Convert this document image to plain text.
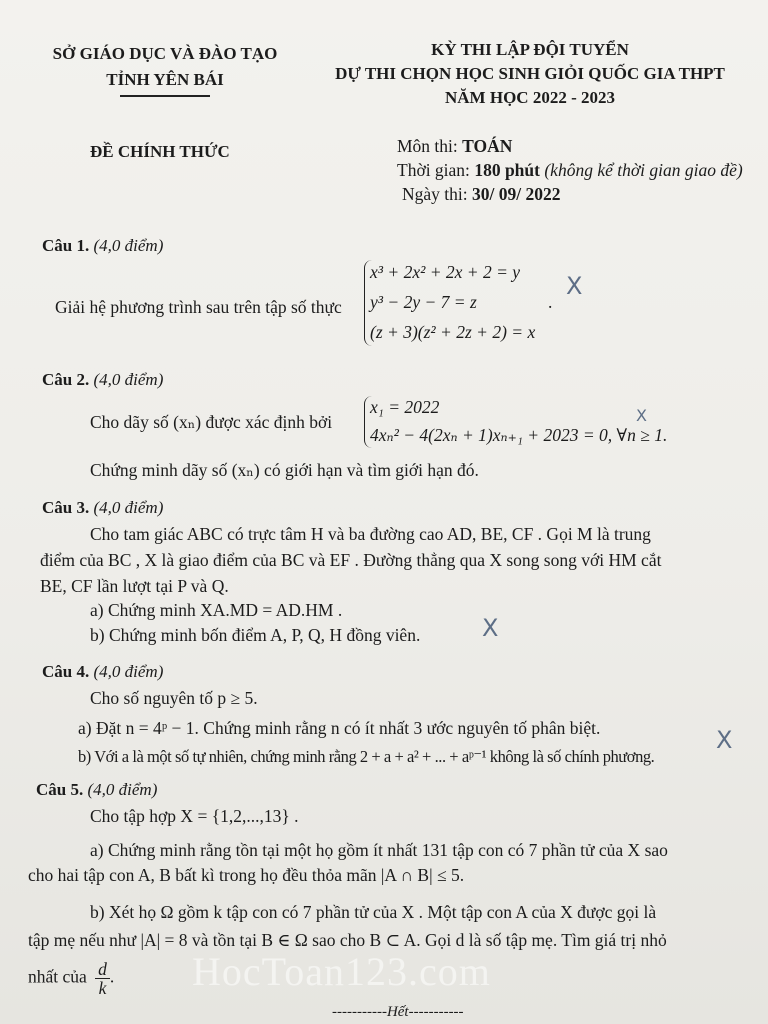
SỞ GIÁO DỤC VÀ ĐÀO TẠO
TỈNH YÊN BÁI
KỲ THI LẬP ĐỘI TUYỂN
DỰ THI CHỌN HỌC SINH GIỎI QUỐC GIA THPT
NĂM HỌC 2022 - 2023
ĐỀ CHÍNH THỨC	Môn thi: TOÁN
Thời gian: 180 phút (không kể thời gian giao đề)
Ngày thi: 30/ 09/ 2022
Câu 1. (4,0 điểm)
Giải hệ phương trình sau trên tập số thực
x³ + 2x² + 2x + 2 = y
y³ − 2y − 7 = z
(z + 3)(z² + 2z + 2) = x
.
Câu 2. (4,0 điểm)
Cho dãy số (xₙ) được xác định bởi
x₁ = 2022
4xₙ² − 4(2xₙ + 1)xₙ₊₁ + 2023 = 0, ∀n ≥ 1.
Chứng minh dãy số (xₙ) có giới hạn và tìm giới hạn đó.
Câu 3. (4,0 điểm)
Cho tam giác ABC có trực tâm H và ba đường cao AD, BE, CF . Gọi M là trung
điểm của BC , X là giao điểm của BC và EF . Đường thẳng qua X song song với HM cắt
BE, CF lần lượt tại P và Q.
a) Chứng minh XA.MD = AD.HM .
b) Chứng minh bốn điểm A, P, Q, H đồng viên.
Câu 4. (4,0 điểm)
Cho số nguyên tố p ≥ 5.
a) Đặt n = 4ᵖ − 1. Chứng minh rằng n có ít nhất 3 ước nguyên tố phân biệt.
b) Với a là một số tự nhiên, chứng minh rằng 2 + a + a² + ... + aᵖ⁻¹ không là số chính phương.
Câu 5. (4,0 điểm)
Cho tập hợp X = {1,2,...,13} .
a) Chứng minh rằng tồn tại một họ gồm ít nhất 131 tập con có 7 phần tử của X sao
cho hai tập con A, B bất kì trong họ đều thỏa mãn |A ∩ B| ≤ 5.
b) Xét họ Ω gồm k tập con có 7 phần tử của X . Một tập con A của X được gọi là
tập mẹ nếu như |A| = 8 và tồn tại B ∈ Ω sao cho B ⊂ A. Gọi d là số tập mẹ. Tìm giá trị nhỏ
nhất của $\frac{d}{k}$ .
-----------Hết-----------
HocToan123.com
X
X
X
X
